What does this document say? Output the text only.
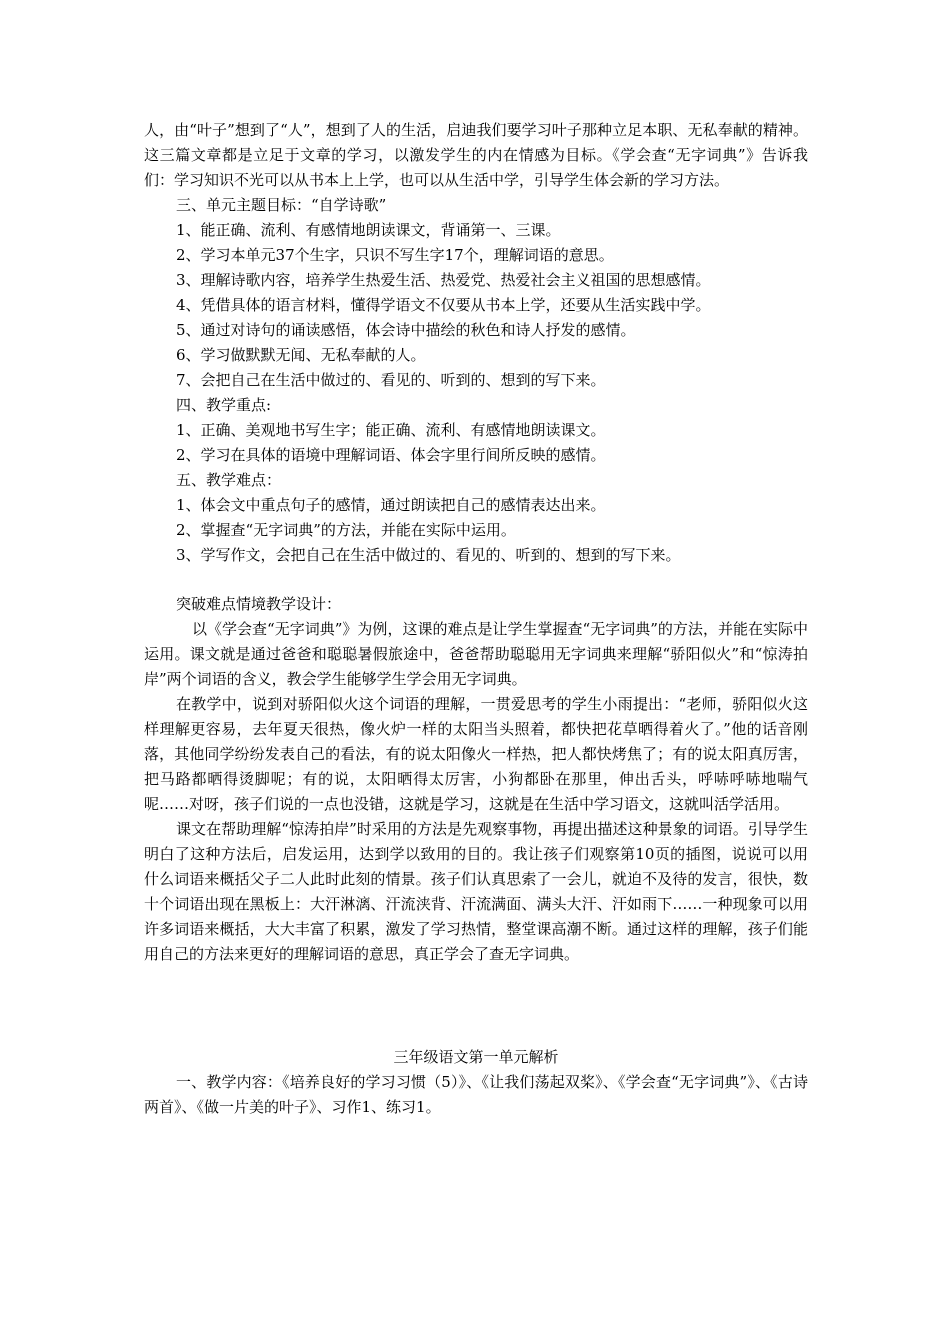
人，由“叶子”想到了“人”，想到了人的生活，启迪我们要学习叶子那种立足本职、无私奉献的精神。这三篇文章都是立足于文章的学习，以激发学生的内在情感为目标。《学会查“无字词典”》告诉我们：学习知识不光可以从书本上上学，也可以从生活中学，引导学生体会新的学习方法。

三、单元主题目标：“自学诗歌”

1、能正确、流利、有感情地朗读课文，背诵第一、三课。

2、学习本单元37个生字，只识不写生字17个，理解词语的意思。

3、理解诗歌内容，培养学生热爱生活、热爱党、热爱社会主义祖国的思想感情。

4、凭借具体的语言材料，懂得学语文不仅要从书本上学，还要从生活实践中学。

5、通过对诗句的诵读感悟，体会诗中描绘的秋色和诗人抒发的感情。

6、学习做默默无闻、无私奉献的人。

7、会把自己在生活中做过的、看见的、听到的、想到的写下来。

四、教学重点:

1、正确、美观地书写生字；能正确、流利、有感情地朗读课文。

2、学习在具体的语境中理解词语、体会字里行间所反映的感情。

五、教学难点：

1、体会文中重点句子的感情，通过朗读把自己的感情表达出来。

2、掌握查“无字词典”的方法，并能在实际中运用。

3、学写作文，会把自己在生活中做过的、看见的、听到的、想到的写下来。

突破难点情境教学设计：

以《学会查“无字词典”》为例，这课的难点是让学生掌握查“无字词典”的方法，并能在实际中运用。课文就是通过爸爸和聪聪暑假旅途中，爸爸帮助聪聪用无字词典来理解“骄阳似火”和“惊涛拍岸”两个词语的含义，教会学生能够学生学会用无字词典。

在教学中，说到对骄阳似火这个词语的理解，一贯爱思考的学生小雨提出：“老师，骄阳似火这样理解更容易，去年夏天很热，像火炉一样的太阳当头照着，都快把花草晒得着火了。”他的话音刚落，其他同学纷纷发表自己的看法，有的说太阳像火一样热，把人都快烤焦了；有的说太阳真厉害，把马路都晒得烫脚呢；有的说，太阳晒得太厉害，小狗都卧在那里，伸出舌头，呼哧呼哧地喘气呢……对呀，孩子们说的一点也没错，这就是学习，这就是在生活中学习语文，这就叫活学活用。

课文在帮助理解“惊涛拍岸”时采用的方法是先观察事物，再提出描述这种景象的词语。引导学生明白了这种方法后，启发运用，达到学以致用的目的。我让孩子们观察第10页的插图，说说可以用什么词语来概括父子二人此时此刻的情景。孩子们认真思索了一会儿，就迫不及待的发言，很快，数十个词语出现在黑板上：大汗淋漓、汗流浃背、汗流满面、满头大汗、汗如雨下……一种现象可以用许多词语来概括，大大丰富了积累，激发了学习热情，整堂课高潮不断。通过这样的理解，孩子们能用自己的方法来更好的理解词语的意思，真正学会了查无字词典。

三年级语文第一单元解析

一、教学内容：《培养良好的学习习惯（5）》、《让我们荡起双桨》、《学会查“无字词典”》、《古诗两首》、《做一片美的叶子》、习作1、练习1。
